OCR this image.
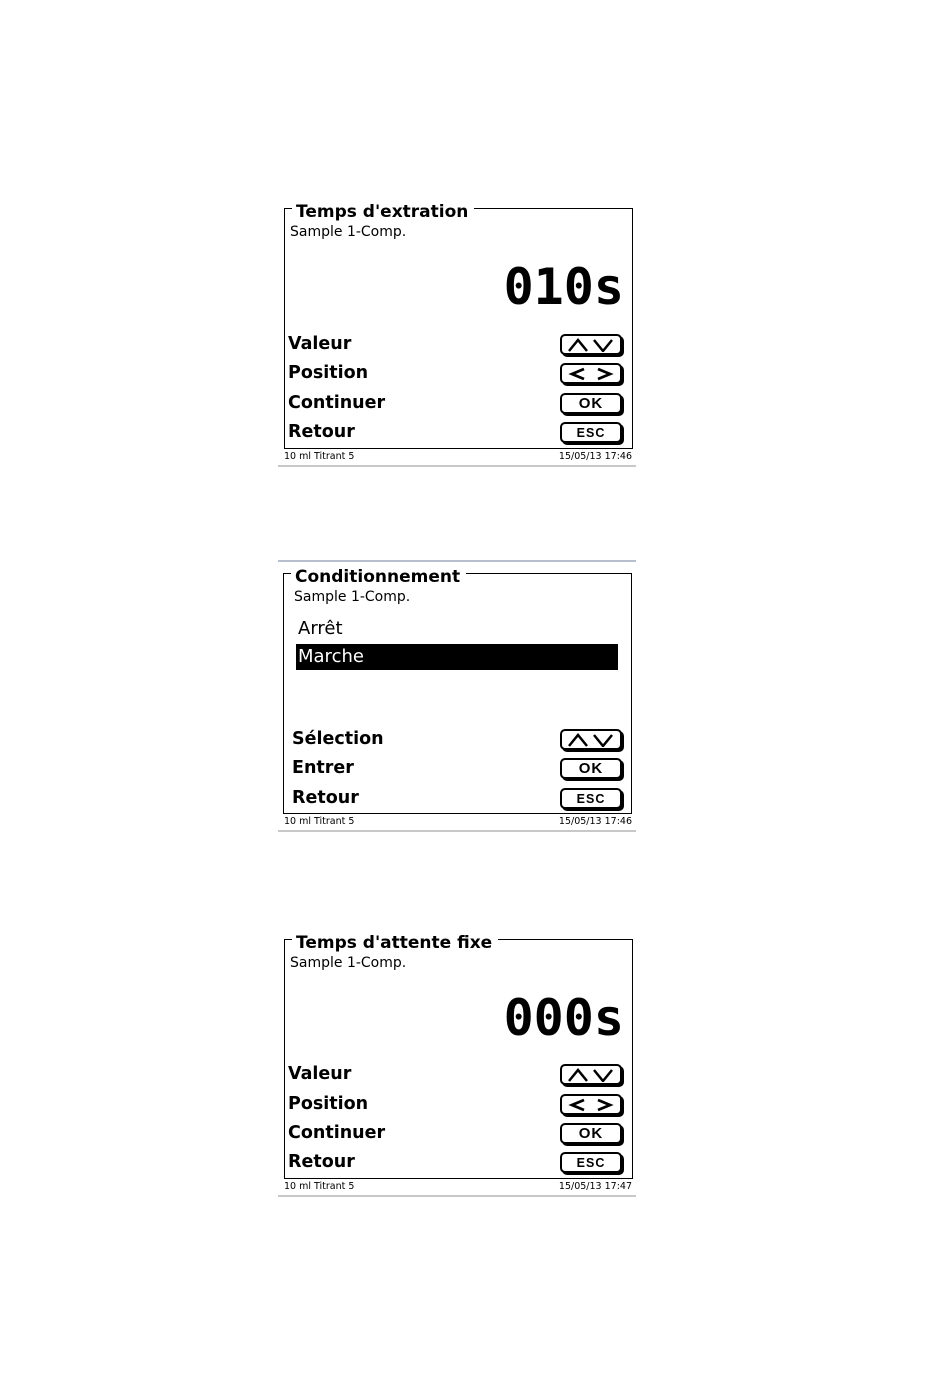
Temps d'extration
Sample 1-Comp.
010s
Valeur
Position
Continuer	OK
Retour	ESC
10 ml Titrant 5	15/05/13 17:46
Conditionnement
Sample 1-Comp.
Arrêt
Marche
Sélection
Entrer	OK
Retour	ESC
10 ml Titrant 5	15/05/13 17:46
Temps d'attente fixe
Sample 1-Comp.
000s
Valeur
Position
Continuer	OK
Retour	ESC
10 ml Titrant 5	15/05/13 17:47
